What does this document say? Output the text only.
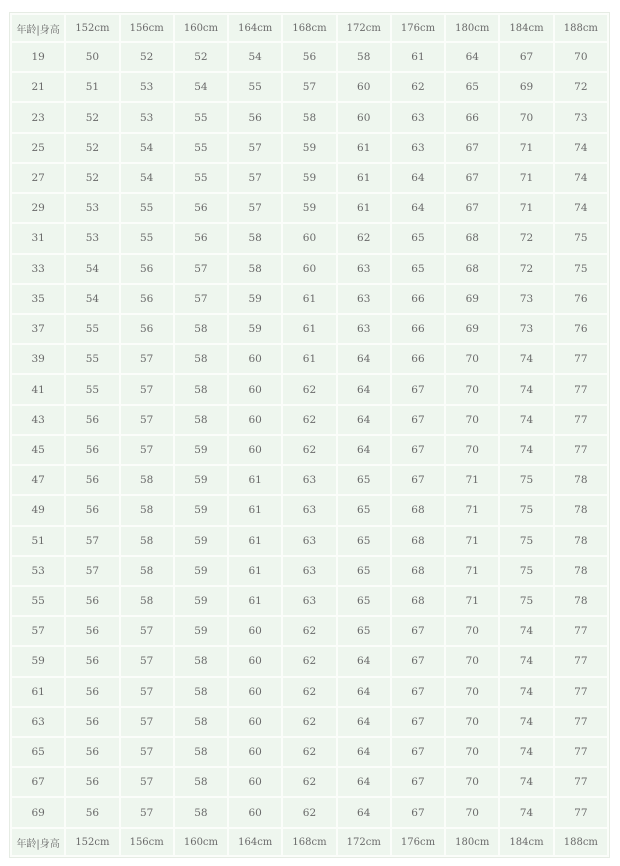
年龄|身高	152cm	156cm	160cm	164cm	168cm	172cm	176cm	180cm	184cm	188cm
19	50	52	52	54	56	58	61	64	67	70
21	51	53	54	55	57	60	62	65	69	72
23	52	53	55	56	58	60	63	66	70	73
25	52	54	55	57	59	61	63	67	71	74
27	52	54	55	57	59	61	64	67	71	74
29	53	55	56	57	59	61	64	67	71	74
31	53	55	56	58	60	62	65	68	72	75
33	54	56	57	58	60	63	65	68	72	75
35	54	56	57	59	61	63	66	69	73	76
37	55	56	58	59	61	63	66	69	73	76
39	55	57	58	60	61	64	66	70	74	77
41	55	57	58	60	62	64	67	70	74	77
43	56	57	58	60	62	64	67	70	74	77
45	56	57	59	60	62	64	67	70	74	77
47	56	58	59	61	63	65	67	71	75	78
49	56	58	59	61	63	65	68	71	75	78
51	57	58	59	61	63	65	68	71	75	78
53	57	58	59	61	63	65	68	71	75	78
55	56	58	59	61	63	65	68	71	75	78
57	56	57	59	60	62	65	67	70	74	77
59	56	57	58	60	62	64	67	70	74	77
61	56	57	58	60	62	64	67	70	74	77
63	56	57	58	60	62	64	67	70	74	77
65	56	57	58	60	62	64	67	70	74	77
67	56	57	58	60	62	64	67	70	74	77
69	56	57	58	60	62	64	67	70	74	77
年龄|身高	152cm	156cm	160cm	164cm	168cm	172cm	176cm	180cm	184cm	188cm
